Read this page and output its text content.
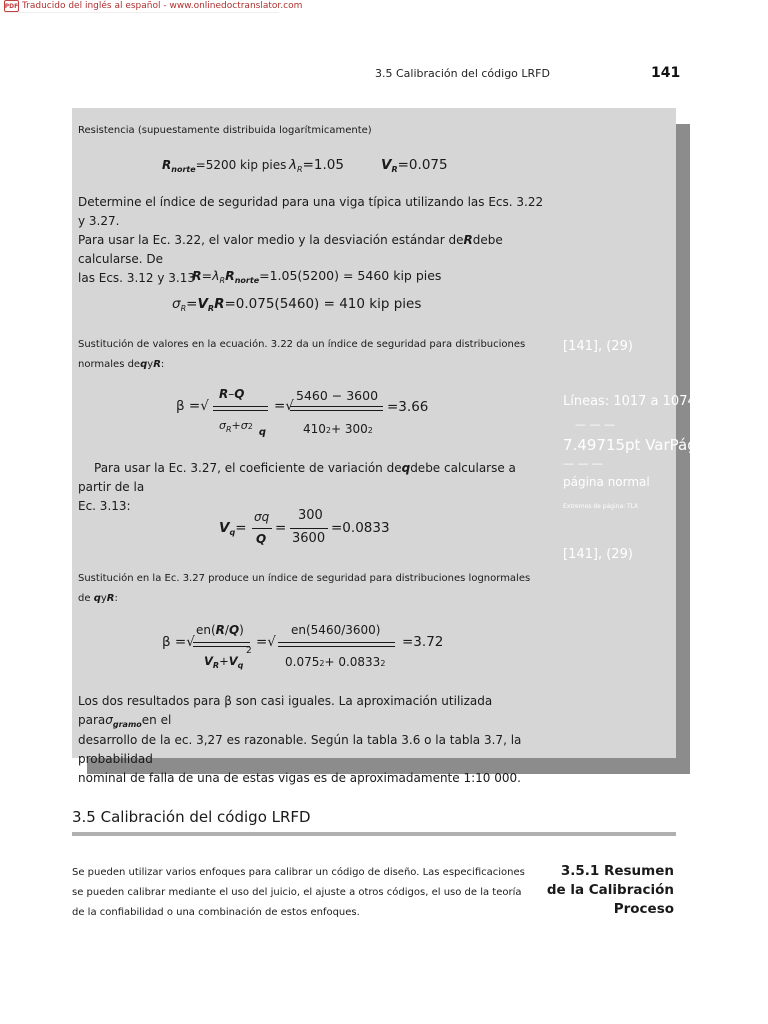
PDF Traducido del inglés al español - www.onlinedoctranslator.com
3.5 Calibración del código LRFD	141
Resistencia (supuestamente distribuida logarítmicamente)
$R_{norte}=5200$ kip pies $\lambda_R=1.05$	$V_R=0.075$
Determine el índice de seguridad para una viga típica utilizando las Ecs. 3.22 y 3.27.
Para usar la Ec. 3.22, el valor medio y la desviación estándar deRdebe calcularse. De
las Ecs. 3.12 y 3.13
$R=\lambda_RR_{norte}=1.05(5200) = 5460$ kip pies
$\sigma_R=V_RR=0.075(5460) = 410$ kip pies
Sustitución de valores en la ecuación. 3.22 da un índice de seguridad para distribuciones
normales deqyR:
β =√
R–Q
$\sigma_R+\sigma 2q$
=√
5460 − 3600
4102+ 3002
=3.66
Para usar la Ec. 3.27, el coeficiente de variación deqdebe calcularse a partir de la
Ec. 3.13:
$V_q=$
σq
Q
=
300
3600
=0.0833
Sustitución en la Ec. 3.27 produce un índice de seguridad para distribuciones lognormales
de qyR:
β =√
en(R/Q)
$V_R+V_q$
2
=√
en(5460/3600)
0.0752+ 0.08332
=3.72
Los dos resultados para β son casi iguales. La aproximación utilizada paraσ$_{gramo}$en el
desarrollo de la ec. 3,27 es razonable. Según la tabla 3.6 o la tabla 3.7, la probabilidad
nominal de falla de una de estas vigas es de aproximadamente 1:10 000.
[141], (29)
Líneas: 1017 a 1074
— — —
7.49715pt VarPágina
— — —
página normal
Extremos de página: TLX
[141], (29)
3.5 Calibración del código LRFD
Se pueden utilizar varios enfoques para calibrar un código de diseño. Las especificaciones se pueden calibrar mediante el uso del juicio, el ajuste a otros códigos, el uso de la teoría de la confiabilidad o una combinación de estos enfoques.
3.5.1 Resumen
de la Calibración
Proceso
